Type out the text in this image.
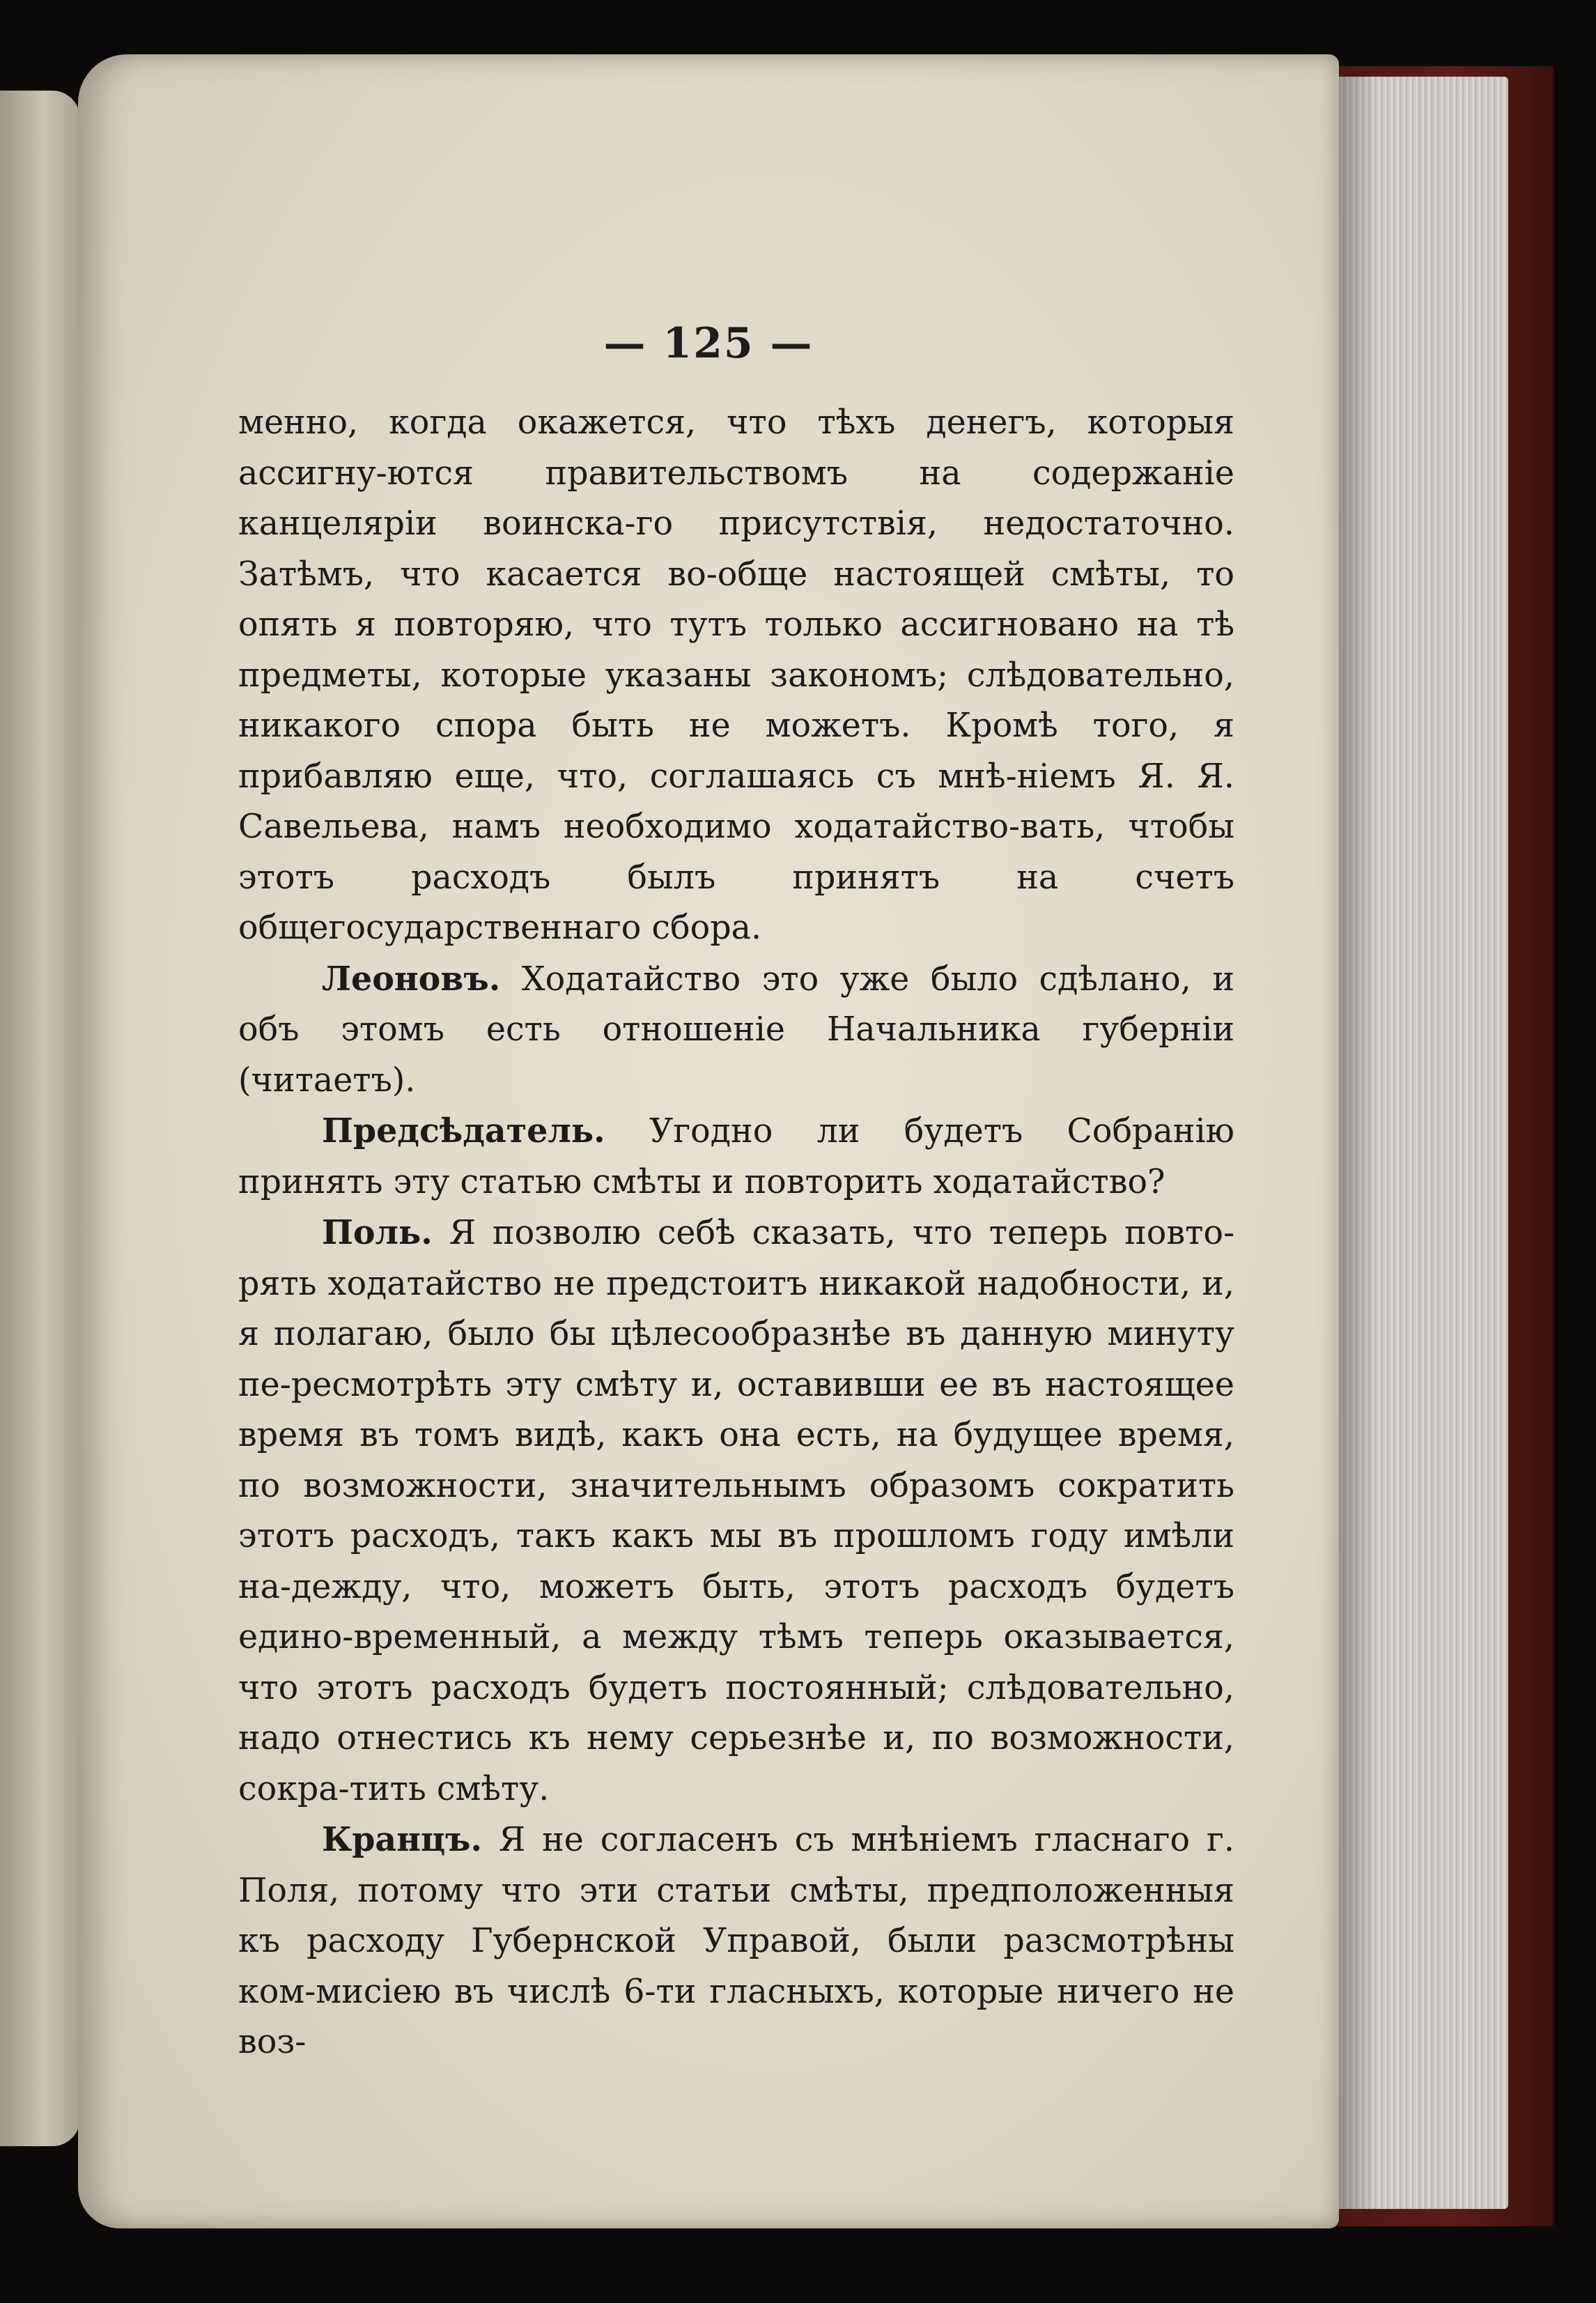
— 125 —

менно, когда окажется, что тѣхъ денегъ, которыя ассигну-ются правительствомъ на содержаніе канцеляріи воинска-го присутствія, недостаточно. Затѣмъ, что касается во-обще настоящей смѣты, то опять я повторяю, что тутъ только ассигновано на тѣ предметы, которые указаны закономъ; слѣдовательно, никакого спора быть не можетъ. Кромѣ того, я прибавляю еще, что, соглашаясь съ мнѣ-ніемъ Я. Я. Савельева, намъ необходимо ходатайство-вать, чтобы этотъ расходъ былъ принятъ на счетъ общегосударственнаго сбора.

Леоновъ. Ходатайство это уже было сдѣлано, и объ этомъ есть отношеніе Начальника губерніи (читаетъ).

Предсѣдатель. Угодно ли будетъ Собранію принять эту статью смѣты и повторить ходатайство?

Поль. Я позволю себѣ сказать, что теперь повто-рять ходатайство не предстоитъ никакой надобности, и, я полагаю, было бы цѣлесообразнѣе въ данную минуту пе-ресмотрѣть эту смѣту и, оставивши ее въ настоящее время въ томъ видѣ, какъ она есть, на будущее время, по возможности, значительнымъ образомъ сократить этотъ расходъ, такъ какъ мы въ прошломъ году имѣли на-дежду, что, можетъ быть, этотъ расходъ будетъ едино-временный, а между тѣмъ теперь оказывается, что этотъ расходъ будетъ постоянный; слѣдовательно, надо отнестись къ нему серьезнѣе и, по возможности, сокра-тить смѣту.

Кранцъ. Я не согласенъ съ мнѣніемъ гласнаго г. Поля, потому что эти статьи смѣты, предположенныя къ расходу Губернской Управой, были разсмотрѣны ком-мисіею въ числѣ 6-ти гласныхъ, которые ничего не воз-
